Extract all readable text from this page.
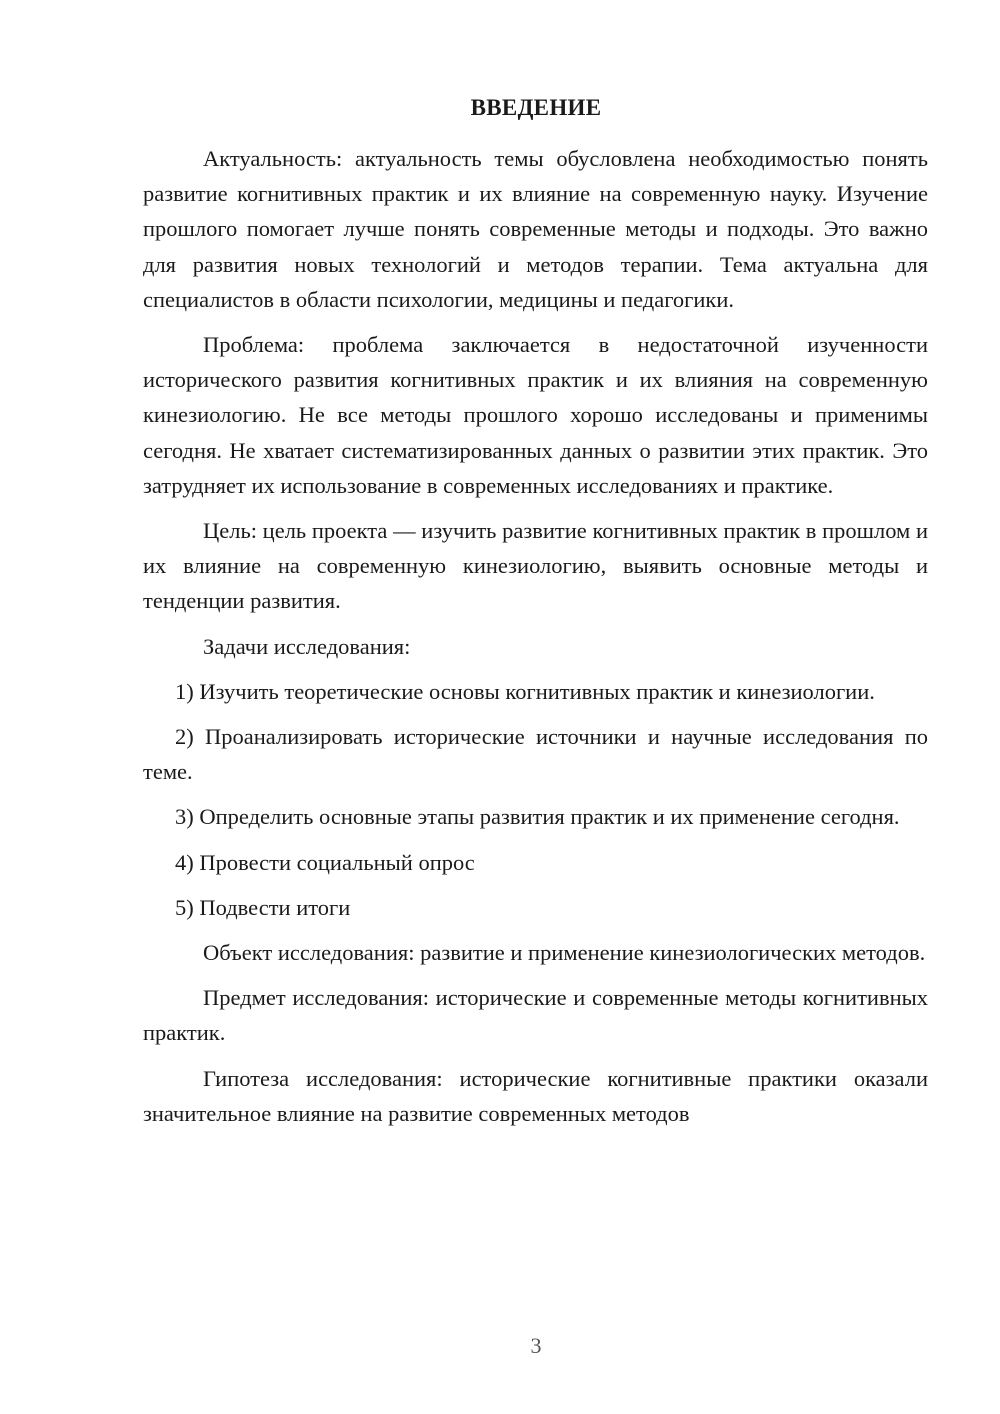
ВВЕДЕНИЕ

Актуальность: актуальность темы обусловлена необходимостью понять развитие когнитивных практик и их влияние на современную науку. Изучение прошлого помогает лучше понять современные методы и подходы. Это важно для развития новых технологий и методов терапии. Тема актуальна для специалистов в области психологии, медицины и педагогики.

Проблема: проблема заключается в недостаточной изученности исторического развития когнитивных практик и их влияния на современную кинезиологию. Не все методы прошлого хорошо исследованы и применимы сегодня. Не хватает систематизированных данных о развитии этих практик. Это затрудняет их использование в современных исследованиях и практике.

Цель: цель проекта — изучить развитие когнитивных практик в прошлом и их влияние на современную кинезиологию, выявить основные методы и тенденции развития.

Задачи исследования:

1) Изучить теоретические основы когнитивных практик и кинезиологии.

2) Проанализировать исторические источники и научные исследования по теме.

3) Определить основные этапы развития практик и их применение сегодня.

4) Провести социальный опрос

5) Подвести итоги

Объект исследования: развитие и применение кинезиологических методов.

Предмет исследования: исторические и современные методы когнитивных практик.

Гипотеза исследования: исторические когнитивные практики оказали значительное влияние на развитие современных методов

3
